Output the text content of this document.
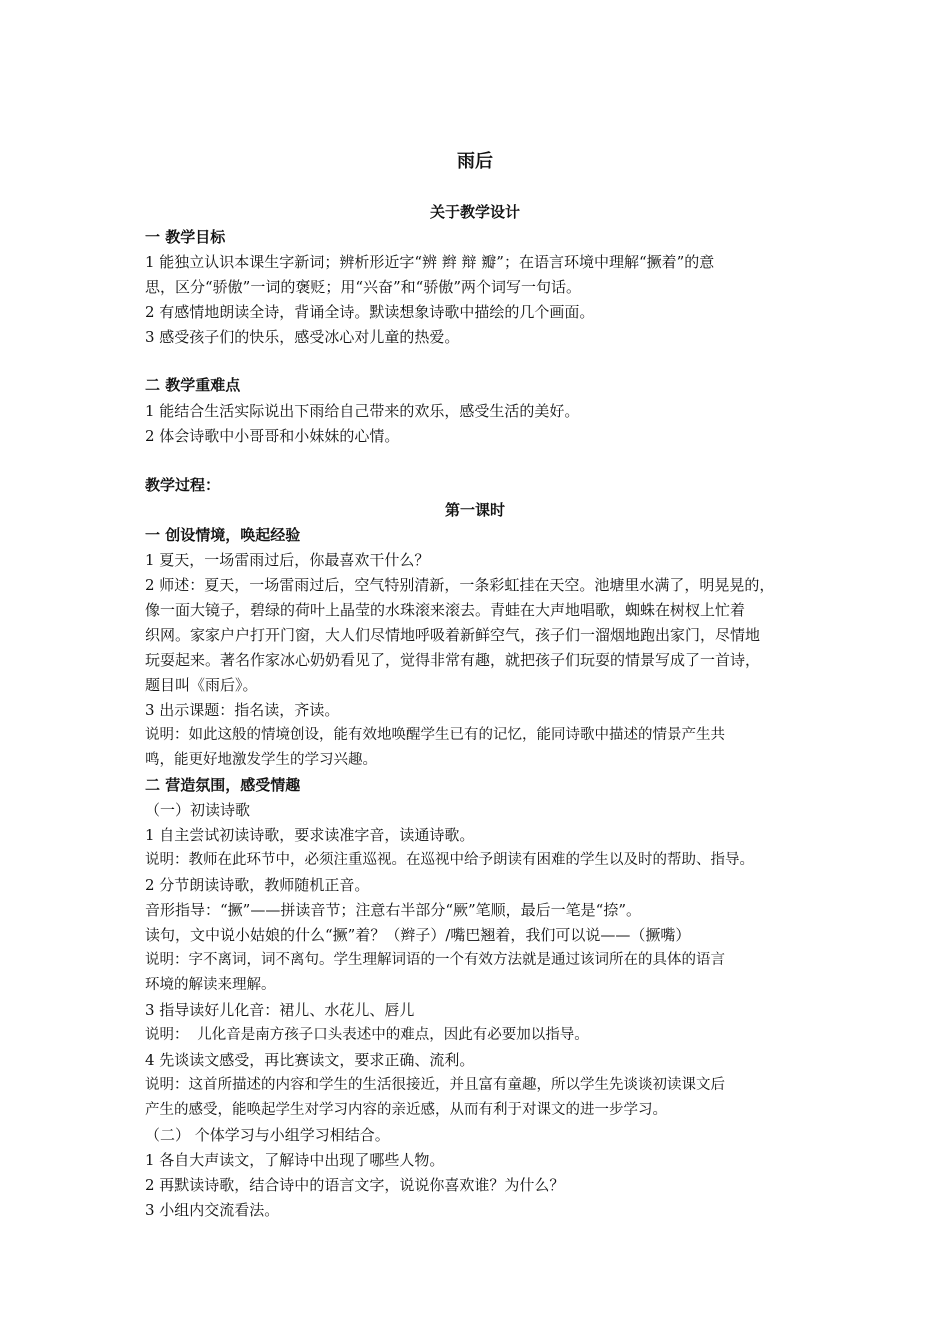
雨后
关于教学设计
一 教学目标
1 能独立认识本课生字新词；辨析形近字“辨 辫 辩 瓣”；在语言环境中理解“撅着”的意
思，区分“骄傲”一词的褒贬；用“兴奋”和“骄傲”两个词写一句话。
2 有感情地朗读全诗，背诵全诗。默读想象诗歌中描绘的几个画面。
3 感受孩子们的快乐，感受冰心对儿童的热爱。
二 教学重难点
1 能结合生活实际说出下雨给自己带来的欢乐，感受生活的美好。
2 体会诗歌中小哥哥和小妹妹的心情。
教学过程：
第一课时
一 创设情境，唤起经验
1 夏天，一场雷雨过后，你最喜欢干什么？
2 师述：夏天，一场雷雨过后，空气特别清新，一条彩虹挂在天空。池塘里水满了，明晃晃的，
像一面大镜子，碧绿的荷叶上晶莹的水珠滚来滚去。青蛙在大声地唱歌，蜘蛛在树杈上忙着
织网。家家户户打开门窗，大人们尽情地呼吸着新鲜空气，孩子们一溜烟地跑出家门，尽情地
玩耍起来。著名作家冰心奶奶看见了，觉得非常有趣，就把孩子们玩耍的情景写成了一首诗，
题目叫《雨后》。
3 出示课题：指名读，齐读。
说明：如此这般的情境创设，能有效地唤醒学生已有的记忆，能同诗歌中描述的情景产生共
鸣，能更好地激发学生的学习兴趣。
二 营造氛围，感受情趣
（一）初读诗歌
1 自主尝试初读诗歌，要求读准字音，读通诗歌。
说明：教师在此环节中，必须注重巡视。在巡视中给予朗读有困难的学生以及时的帮助、指导。
2 分节朗读诗歌，教师随机正音。
音形指导：“撅”——拼读音节；注意右半部分“厥”笔顺，最后一笔是“捺”。
读句，文中说小姑娘的什么“撅”着？（辫子）/嘴巴翘着，我们可以说——（撅嘴）
说明：字不离词，词不离句。学生理解词语的一个有效方法就是通过该词所在的具体的语言
环境的解读来理解。
3 指导读好儿化音：裙儿、水花儿、唇儿
说明： 儿化音是南方孩子口头表述中的难点，因此有必要加以指导。
4 先谈读文感受，再比赛读文，要求正确、流利。
说明：这首所描述的内容和学生的生活很接近，并且富有童趣，所以学生先谈谈初读课文后
产生的感受，能唤起学生对学习内容的亲近感，从而有利于对课文的进一步学习。
（二） 个体学习与小组学习相结合。
1 各自大声读文，了解诗中出现了哪些人物。
2 再默读诗歌，结合诗中的语言文字，说说你喜欢谁？为什么？
3 小组内交流看法。
